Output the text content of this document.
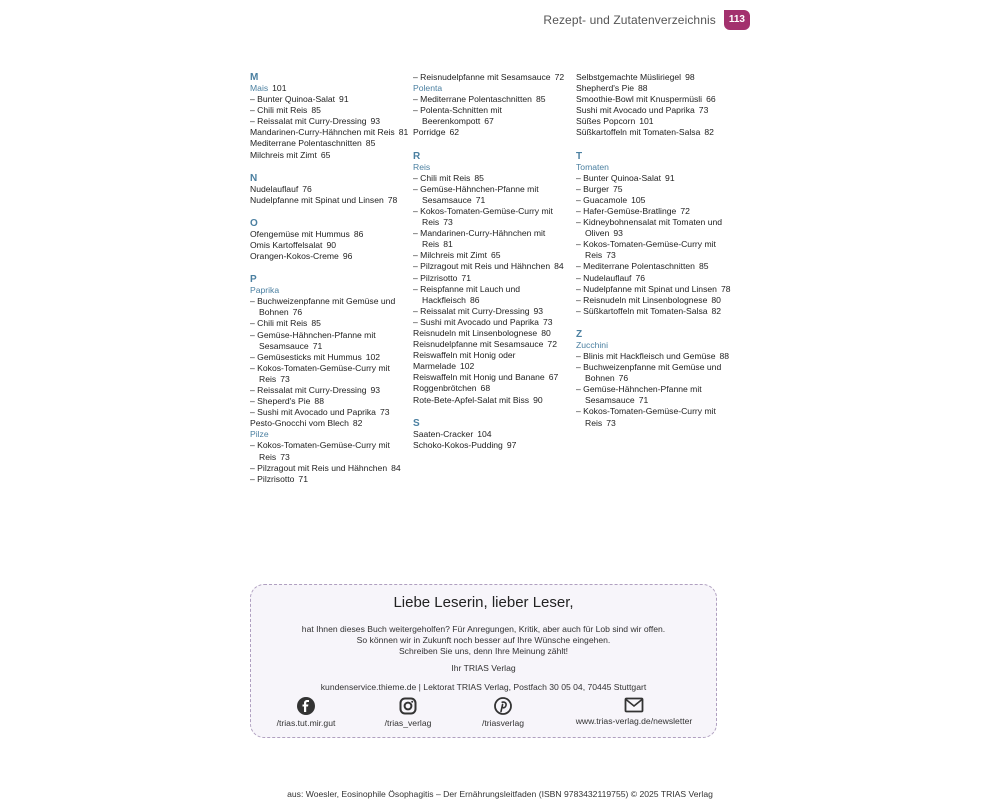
Rezept- und Zutatenverzeichnis	113
M
Mais 101
– Bunter Quinoa-Salat 91
– Chili mit Reis 85
– Reissalat mit Curry-Dressing 93
Mandarinen-Curry-Hähnchen mit Reis 81
Mediterrane Polentaschnitten 85
Milchreis mit Zimt 65
N
Nudelauflauf 76
Nudelpfanne mit Spinat und Linsen 78
O
Ofengemüse mit Hummus 86
Omis Kartoffelsalat 90
Orangen-Kokos-Creme 96
P
Paprika
– Buchweizenpfanne mit Gemüse und Bohnen 76
– Chili mit Reis 85
– Gemüse-Hähnchen-Pfanne mit Sesamsauce 71
– Gemüsesticks mit Hummus 102
– Kokos-Tomaten-Gemüse-Curry mit Reis 73
– Reissalat mit Curry-Dressing 93
– Sheperd's Pie 88
– Sushi mit Avocado und Paprika 73
Pesto-Gnocchi vom Blech 82
Pilze
– Kokos-Tomaten-Gemüse-Curry mit Reis 73
– Pilzragout mit Reis und Hähnchen 84
– Pilzrisotto 71
– Reisnudelpfanne mit Sesamsauce 72
Polenta
– Mediterrane Polentaschnitten 85
– Polenta-Schnitten mit Beerenkompott 67
Porridge 62
R
Reis
– Chili mit Reis 85
– Gemüse-Hähnchen-Pfanne mit Sesamsauce 71
– Kokos-Tomaten-Gemüse-Curry mit Reis 73
– Mandarinen-Curry-Hähnchen mit Reis 81
– Milchreis mit Zimt 65
– Pilzragout mit Reis und Hähnchen 84
– Pilzrisotto 71
– Reispfanne mit Lauch und Hackfleisch 86
– Reissalat mit Curry-Dressing 93
– Sushi mit Avocado und Paprika 73
Reisnudeln mit Linsenbolognese 80
Reisnudelpfanne mit Sesamsauce 72
Reiswaffeln mit Honig oder Marmelade 102
Reiswaffeln mit Honig und Banane 67
Roggenbrötchen 68
Rote-Bete-Apfel-Salat mit Biss 90
S
Saaten-Cracker 104
Schoko-Kokos-Pudding 97
Selbstgemachte Müsliriegel 98
Shepherd's Pie 88
Smoothie-Bowl mit Knuspermüsli 66
Sushi mit Avocado und Paprika 73
Süßes Popcorn 101
Süßkartoffeln mit Tomaten-Salsa 82
T
Tomaten
– Bunter Quinoa-Salat 91
– Burger 75
– Guacamole 105
– Hafer-Gemüse-Bratlinge 72
– Kidneybohnensalat mit Tomaten und Oliven 93
– Kokos-Tomaten-Gemüse-Curry mit Reis 73
– Mediterrane Polentaschnitten 85
– Nudelauflauf 76
– Nudelpfanne mit Spinat und Linsen 78
– Reisnudeln mit Linsenbolognese 80
– Süßkartoffeln mit Tomaten-Salsa 82
Z
Zucchini
– Blinis mit Hackfleisch und Gemüse 88
– Buchweizenpfanne mit Gemüse und Bohnen 76
– Gemüse-Hähnchen-Pfanne mit Sesamsauce 71
– Kokos-Tomaten-Gemüse-Curry mit Reis 73
Liebe Leserin, lieber Leser,
hat Ihnen dieses Buch weitergeholfen? Für Anregungen, Kritik, aber auch für Lob sind wir offen.
So können wir in Zukunft noch besser auf Ihre Wünsche eingehen.
Schreiben Sie uns, denn Ihre Meinung zählt!
Ihr TRIAS Verlag
kundenservice.thieme.de | Lektorat TRIAS Verlag, Postfach 30 05 04, 70445 Stuttgart
/trias.tut.mir.gut	/trias_verlag	/triasverlag	www.trias-verlag.de/newsletter
aus: Woesler, Eosinophile Ösophagitis – Der Ernährungsleitfaden (ISBN 9783432119755) © 2025 TRIAS Verlag
